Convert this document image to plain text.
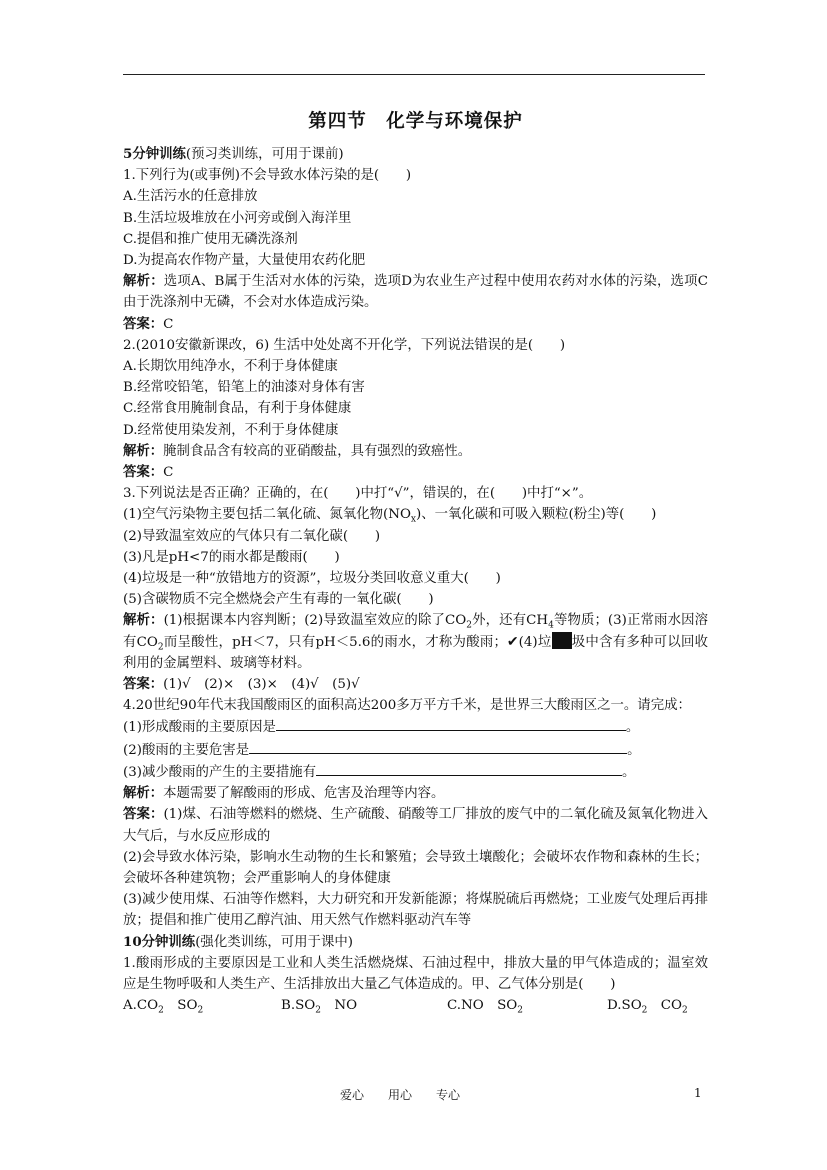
第四节　化学与环境保护
5分钟训练(预习类训练，可用于课前)
1.下列行为(或事例)不会导致水体污染的是(　　)
A.生活污水的任意排放
B.生活垃圾堆放在小河旁或倒入海洋里
C.提倡和推广使用无磷洗涤剂
D.为提高农作物产量，大量使用农药化肥
解析：选项A、B属于生活对水体的污染，选项D为农业生产过程中使用农药对水体的污染，选项C由于洗涤剂中无磷，不会对水体造成污染。
答案：C
2.(2010安徽新课改，6) 生活中处处离不开化学，下列说法错误的是(　　)
A.长期饮用纯净水，不利于身体健康
B.经常咬铅笔，铅笔上的油漆对身体有害
C.经常食用腌制食品，有利于身体健康
D.经常使用染发剂，不利于身体健康
解析：腌制食品含有较高的亚硝酸盐，具有强烈的致癌性。
答案：C
3.下列说法是否正确？正确的，在(　　)中打“√”，错误的，在(　　)中打“×”。
(1)空气污染物主要包括二氧化硫、氮氧化物$(NO_x)$、一氧化碳和可吸入颗粒(粉尘)等(　　)
(2)导致温室效应的气体只有二氧化碳(　　)
(3)凡是pH<7的雨水都是酸雨(　　)
(4)垃圾是一种“放错地方的资源”，垃圾分类回收意义重大(　　)
(5)含碳物质不完全燃烧会产生有毒的一氧化碳(　　)
解析：(1)根据课本内容判断；(2)导致温室效应的除了$CO_2$外，还有$CH_4$等物质；(3)正常雨水因溶有$CO_2$而呈酸性，pH＜7，只有pH＜5.6的雨水，才称为酸雨；✔(4)垃 圾中含有多种可以回收利用的金属塑料、玻璃等材料。
答案：(1)√　(2)×　(3)×　(4)√　(5)√
4.20世纪90年代末我国酸雨区的面积高达200多万平方千米，是世界三大酸雨区之一。请完成：
(1)形成酸雨的主要原因是	。
(2)酸雨的主要危害是	。
(3)减少酸雨的产生的主要措施有	。
解析：本题需要了解酸雨的形成、危害及治理等内容。
答案：(1)煤、石油等燃料的燃烧、生产硫酸、硝酸等工厂排放的废气中的二氧化硫及氮氧化物进入大气后，与水反应形成的
(2)会导致水体污染，影响水生动物的生长和繁殖；会导致土壤酸化；会破坏农作物和森林的生长；会破坏各种建筑物；会严重影响人的身体健康
(3)减少使用煤、石油等作燃料，大力研究和开发新能源；将煤脱硫后再燃烧；工业废气处理后再排放；提倡和推广使用乙醇汽油、用天然气作燃料驱动汽车等
10分钟训练(强化类训练，可用于课中)
1.酸雨形成的主要原因是工业和人类生活燃烧煤、石油过程中，排放大量的甲气体造成的；温室效应是生物呼吸和人类生产、生活排放出大量乙气体造成的。甲、乙气体分别是(　　)
$A.CO_2$　$SO_2$	$B.SO_2$　NO	C.NO　$SO_2$	$D.SO_2$　$CO_2$
爱心　　用心　　专心	1
